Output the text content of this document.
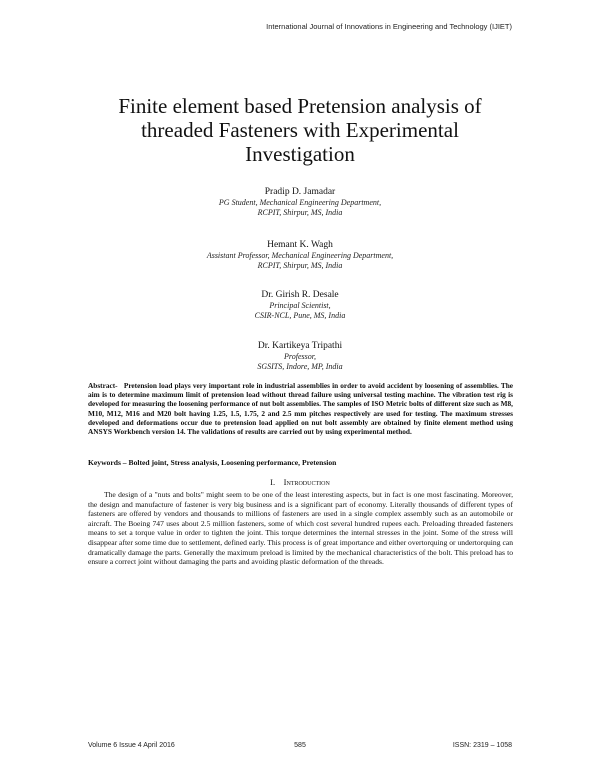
International Journal of Innovations in Engineering and Technology (IJIET)
Finite element based Pretension analysis of
threaded Fasteners with Experimental
Investigation
Pradip D. Jamadar
PG Student, Mechanical Engineering Department,
RCPIT, Shirpur, MS, India
Hemant K. Wagh
Assistant Professor, Mechanical Engineering Department,
RCPIT, Shirpur, MS, India
Dr. Girish R. Desale
Principal Scientist,
CSIR-NCL, Pune, MS, India
Dr. Kartikeya Tripathi
Professor,
SGSITS, Indore, MP, India

Abstract- Pretension load plays very important role in industrial assemblies in order to avoid accident by loosening of assemblies. The aim is to determine maximum limit of pretension load without thread failure using universal testing machine. The vibration test rig is developed for measuring the loosening performance of nut bolt assemblies. The samples of ISO Metric bolts of different size such as M8, M10, M12, M16 and M20 bolt having 1.25, 1.5, 1.75, 2 and 2.5 mm pitches respectively are used for testing. The maximum stresses developed and deformations occur due to pretension load applied on nut bolt assembly are obtained by finite element method using ANSYS Workbench version 14. The validations of results are carried out by using experimental method.

Keywords – Bolted joint, Stress analysis, Loosening performance, Pretension

I. Introduction

The design of a "nuts and bolts" might seem to be one of the least interesting aspects, but in fact is one most fascinating. Moreover, the design and manufacture of fastener is very big business and is a significant part of economy. Literally thousands of different types of fasteners are offered by vendors and thousands to millions of fasteners are used in a single complex assembly such as an automobile or aircraft. The Boeing 747 uses about 2.5 million fasteners, some of which cost several hundred rupees each. Preloading threaded fasteners means to set a torque value in order to tighten the joint. This torque determines the internal stresses in the joint. Some of the stress will disappear after some time due to settlement, defined early. This process is of great importance and either overtorquing or undertorquing can dramatically damage the parts. Generally the maximum preload is limited by the mechanical characteristics of the bolt. This preload has to ensure a correct joint without damaging the parts and avoiding plastic deformation of the threads.

Volume 6 Issue 4 April 2016	585	ISSN: 2319 – 1058
